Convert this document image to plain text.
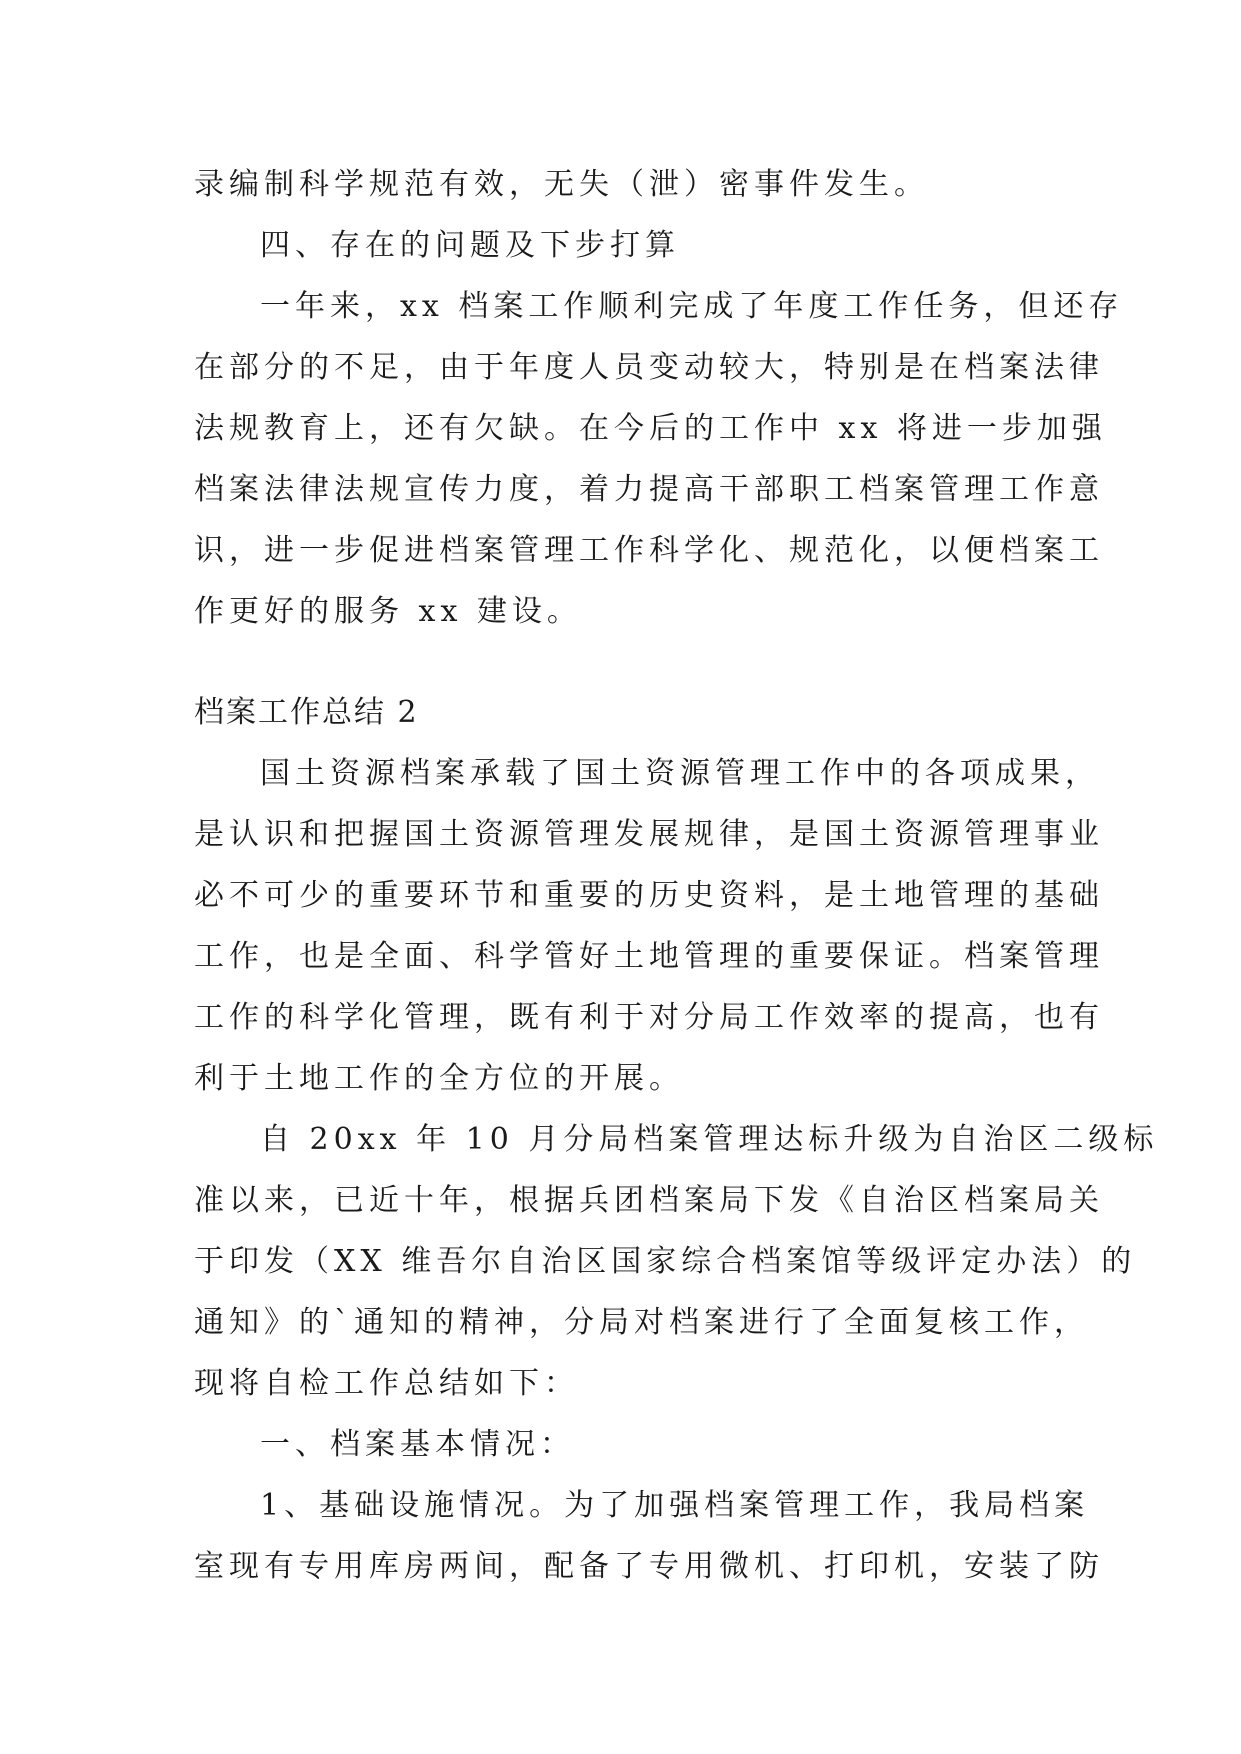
录编制科学规范有效，无失（泄）密事件发生。
四、存在的问题及下步打算
一年来，xx 档案工作顺利完成了年度工作任务，但还存
在部分的不足，由于年度人员变动较大，特别是在档案法律
法规教育上，还有欠缺。在今后的工作中 xx 将进一步加强
档案法律法规宣传力度，着力提高干部职工档案管理工作意
识，进一步促进档案管理工作科学化、规范化，以便档案工
作更好的服务 xx 建设。
档案工作总结 2
国土资源档案承载了国土资源管理工作中的各项成果，
是认识和把握国土资源管理发展规律，是国土资源管理事业
必不可少的重要环节和重要的历史资料，是土地管理的基础
工作，也是全面、科学管好土地管理的重要保证。档案管理
工作的科学化管理，既有利于对分局工作效率的提高，也有
利于土地工作的全方位的开展。
自 20xx 年 10 月分局档案管理达标升级为自治区二级标
准以来，已近十年，根据兵团档案局下发《自治区档案局关
于印发（XX 维吾尔自治区国家综合档案馆等级评定办法）的
通知》的`通知的精神，分局对档案进行了全面复核工作，
现将自检工作总结如下：
一、档案基本情况：
1、基础设施情况。为了加强档案管理工作，我局档案
室现有专用库房两间，配备了专用微机、打印机，安装了防
